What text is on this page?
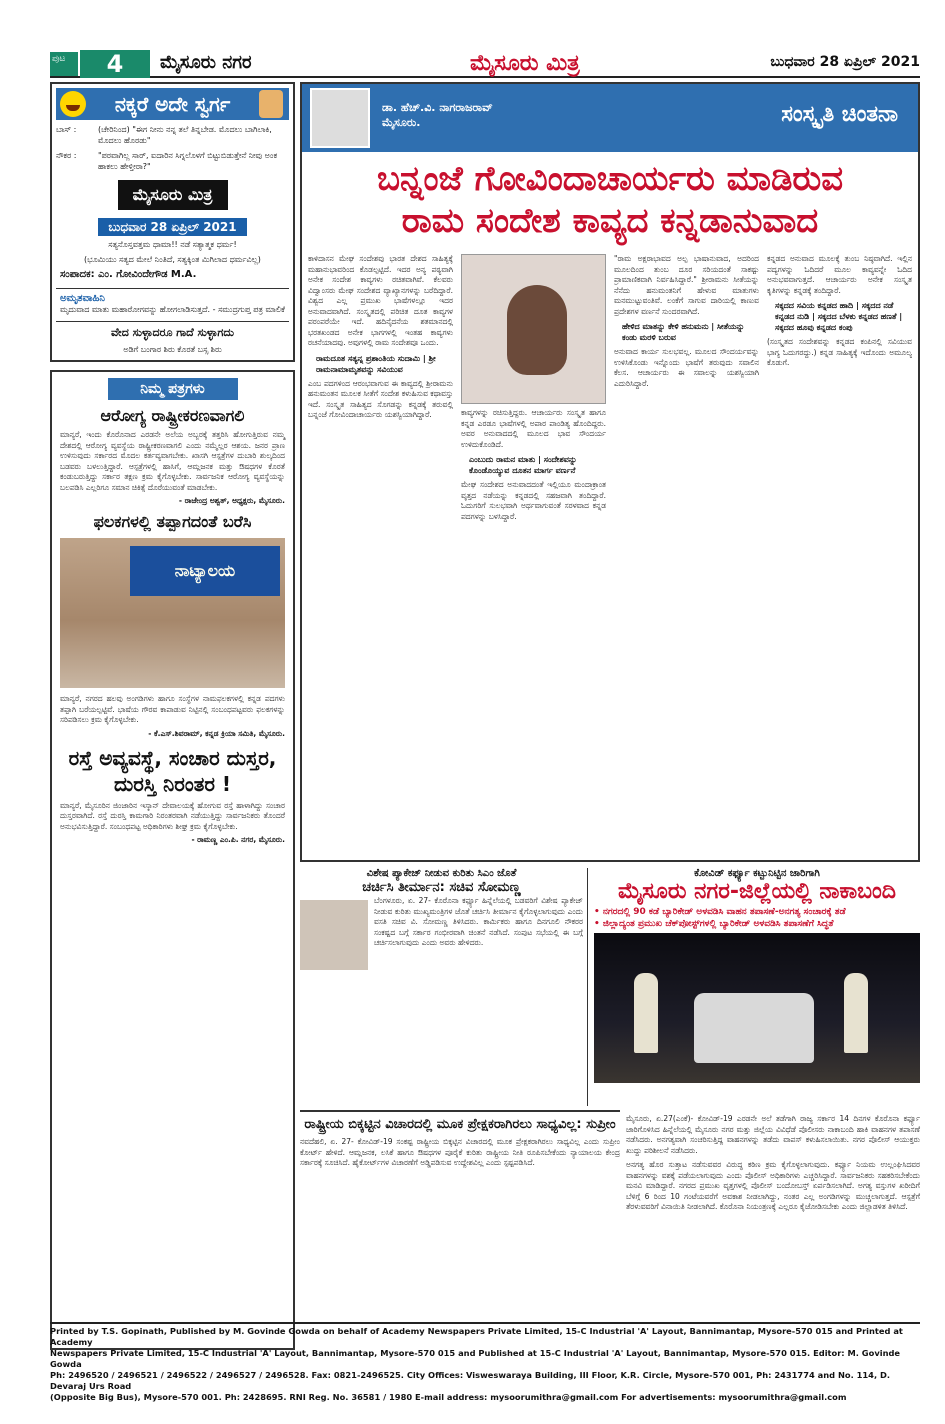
ಪುಟ	4	ಮೈಸೂರು ನಗರ	ಮೈಸೂರು ಮಿತ್ರ	ಬುಧವಾರ 28 ಏಪ್ರಿಲ್ 2021
ನಕ್ಕರೆ ಅದೇ ಸ್ವರ್ಗ
ಬಾಸ್ :	(ಚೇರಿನಿಂದ) "ಈಗ ನೀನು ನನ್ನ ತಲೆ ತಿನ್ನಬೇಡ. ಮೊದಲು ಬಾಗಿಲಾಕಿ, ಮೊದಲು ಹೊರಡು"
ನೌಕರ :	"ಪರವಾಗಿಲ್ಲ ಸಾರ್, ಐದಾರಿನ ಸಿಗ್ನಲೊಳಗೆ ಬಿಟ್ಟುಬಿಡುತ್ತೇನೆ ನೀವು ಅಂಕ ಹಾಕಲು ಹೇಳ್ತೀರಾ?"
ಮೈಸೂರು ಮಿತ್ರ
ಬುಧವಾರ 28 ಏಪ್ರಿಲ್ 2021
ಸತ್ಯನೊಸ್ತವತ್ತಮ ಧಾಮಾ!! ನಡೆ ಸತ್ಯಾತ್ಮಕ ಧರ್ಮ!
(ಭೂಮಿಯು ಸತ್ಯದ ಮೇಲೆ ನಿಂತಿದೆ, ಸತ್ಯಕ್ಕಿಂತ ಮಿಗಿಲಾದ ಧರ್ಮವಿಲ್ಲ)
ಸಂಪಾದಕ: ಎಂ. ಗೋವಿಂದೇಗೌಡ M.A.
ಅಮೃತವಾಹಿನಿ
ಮೃದುವಾದ ಮಾತು ಮಹಾರೋಗವನ್ನು ಹೋಗಲಾಡಿಸುತ್ತದೆ. - ಸಮುದ್ರಗುಪ್ತ ಪತ್ರ ಮಾಲಿಕೆ
ವೇದ ಸುಳ್ಳಾದರೂ ಗಾದೆ ಸುಳ್ಳಾಗದು
ಅಡಿಗೆ ಬಂಗಾರ ಶಿರು ಕೊರತೆ ಬಸ್ಸ ಶಿರು
ನಿಮ್ಮ ಪತ್ರಗಳು
ಆರೋಗ್ಯ ರಾಷ್ಟ್ರೀಕರಣವಾಗಲಿ
ಮಾನ್ಯರೆ, ಇಂದು ಕೊರೊನಾದ ಎರಡನೇ ಅಲೆಯ ಅಬ್ಬರಕ್ಕೆ ತತ್ತರಿಸಿ ಹೋಗುತ್ತಿರುವ ನಮ್ಮ ದೇಶದಲ್ಲಿ ಆರೋಗ್ಯ ವ್ಯವಸ್ಥೆಯ ರಾಷ್ಟ್ರೀಕರಣವಾಗಲಿ ಎಂದು ನಮ್ಮೆಲ್ಲರ ಆಶಯ. ಜನರ ಪ್ರಾಣ ಉಳಿಸುವುದು ಸರ್ಕಾರದ ಮೊದಲ ಕರ್ತವ್ಯವಾಗಬೇಕು. ಖಾಸಗಿ ಆಸ್ಪತ್ರೆಗಳ ದುಬಾರಿ ಶುಲ್ಕದಿಂದ ಬಡವರು ಬಳಲುತ್ತಿದ್ದಾರೆ. ಆಸ್ಪತ್ರೆಗಳಲ್ಲಿ ಹಾಸಿಗೆ, ಆಮ್ಲಜನಕ ಮತ್ತು ಔಷಧಗಳ ಕೊರತೆ ಕಂಡುಬರುತ್ತಿದ್ದು ಸರ್ಕಾರ ತಕ್ಷಣ ಕ್ರಮ ಕೈಗೊಳ್ಳಬೇಕು. ಸಾರ್ವಜನಿಕ ಆರೋಗ್ಯ ವ್ಯವಸ್ಥೆಯನ್ನು ಬಲಪಡಿಸಿ ಎಲ್ಲರಿಗೂ ಸಮಾನ ಚಿಕಿತ್ಸೆ ದೊರೆಯುವಂತೆ ಮಾಡಬೇಕು.
- ರಾಜೇಂದ್ರ ಅಶ್ವತ್, ಅಧ್ಯಕ್ಷರು, ಮೈಸೂರು.
ಫಲಕಗಳಲ್ಲಿ ತಪ್ಪಾಗದಂತೆ ಬರೆಸಿ
ನಾಟ್ಯಾಲಯ
ಮಾನ್ಯರೆ, ನಗರದ ಹಲವು ಅಂಗಡಿಗಳು ಹಾಗೂ ಸಂಸ್ಥೆಗಳ ನಾಮಫಲಕಗಳಲ್ಲಿ ಕನ್ನಡ ಪದಗಳು ತಪ್ಪಾಗಿ ಬರೆಯಲ್ಪಟ್ಟಿವೆ. ಭಾಷೆಯ ಗೌರವ ಕಾಪಾಡುವ ನಿಟ್ಟಿನಲ್ಲಿ ಸಂಬಂಧಪಟ್ಟವರು ಫಲಕಗಳನ್ನು ಸರಿಪಡಿಸಲು ಕ್ರಮ ಕೈಗೊಳ್ಳಬೇಕು.
- ಕೆ.ಎಸ್.ಶಿವರಾಮ್, ಕನ್ನಡ ಕ್ರಿಯಾ ಸಮಿತಿ, ಮೈಸೂರು.
ರಸ್ತೆ ಅವ್ಯವಸ್ಥೆ, ಸಂಚಾರ ದುಸ್ತರ, ದುರಸ್ತಿ ನಿರಂತರ !
ಮಾನ್ಯರೆ, ಮೈಸೂರಿನ ಜಿಂಜಾರಿನ ಇಸ್ಕಾನ್ ದೇವಾಲಯಕ್ಕೆ ಹೋಗುವ ರಸ್ತೆ ಹಾಳಾಗಿದ್ದು ಸಂಚಾರ ದುಸ್ತರವಾಗಿದೆ. ರಸ್ತೆ ದುರಸ್ತಿ ಕಾಮಗಾರಿ ನಿರಂತರವಾಗಿ ನಡೆಯುತ್ತಿದ್ದು ಸಾರ್ವಜನಿಕರು ತೊಂದರೆ ಅನುಭವಿಸುತ್ತಿದ್ದಾರೆ. ಸಂಬಂಧಪಟ್ಟ ಅಧಿಕಾರಿಗಳು ಶೀಘ್ರ ಕ್ರಮ ಕೈಗೊಳ್ಳಬೇಕು.
- ರಾಮಣ್ಣ ಎಂ.ಪಿ. ನಗರ, ಮೈಸೂರು.
ಡಾ. ಹೆಚ್.ವಿ. ನಾಗರಾಜರಾವ್
ಮೈಸೂರು.	ಸಂಸ್ಕೃತಿ ಚಿಂತನಾ
ಬನ್ನಂಜೆ ಗೋವಿಂದಾಚಾರ್ಯರು ಮಾಡಿರುವ
ರಾಮ ಸಂದೇಶ ಕಾವ್ಯದ ಕನ್ನಡಾನುವಾದ
ಕಾಳಿದಾಸನ ಮೇಘ ಸಂದೇಶವು ಭಾರತ ದೇಶದ ಸಾಹಿತ್ಯಕ್ಕೆ ಮಹಾನುಭಾವರಿಂದ ಕೊಡಲ್ಪಟ್ಟಿದೆ. ಇದರ ಅನ್ಯ ಪಠ್ಯವಾಗಿ ಅನೇಕ ಸಂದೇಶ ಕಾವ್ಯಗಳು ರಚಿತವಾಗಿವೆ. ಕೆಲವರು ವಿದ್ವಾಂಸರು ಮೇಘ ಸಂದೇಶದ ವ್ಯಾಖ್ಯಾನಗಳನ್ನು ಬರೆದಿದ್ದಾರೆ. ವಿಶ್ವದ ಎಲ್ಲ ಪ್ರಮುಖ ಭಾಷೆಗಳಲ್ಲೂ ಇದರ ಅನುವಾದವಾಗಿದೆ. ಸಂಸ್ಕೃತದಲ್ಲಿ ಪರಿಚಿತ ದೂತ ಕಾವ್ಯಗಳ ಪರಂಪರೆಯೇ ಇದೆ. ಹದಿನೈದನೆಯ ಶತಮಾನದಲ್ಲಿ ಭರತಖಂಡದ ಅನೇಕ ಭಾಗಗಳಲ್ಲಿ ಇಂತಹ ಕಾವ್ಯಗಳು ರಚನೆಯಾದವು. ಅವುಗಳಲ್ಲಿ ರಾಮ ಸಂದೇಶವೂ ಒಂದು.
ರಾಮದೂತ ಸತ್ಯನ್ನ ಪ್ರಶಾಂತಿಯ ಸುದಾಮಿ | ಶ್ರೀ ರಾಮನಾಮಾಮೃತವನ್ನು ಸವಿಯುವ
ಎಂಬ ಪದಗಳಿಂದ ಆರಂಭವಾಗುವ ಈ ಕಾವ್ಯದಲ್ಲಿ ಶ್ರೀರಾಮನು ಹನುಮಂತನ ಮೂಲಕ ಸೀತೆಗೆ ಸಂದೇಶ ಕಳುಹಿಸುವ ಕಥಾವಸ್ತು ಇದೆ. ಸಂಸ್ಕೃತ ಸಾಹಿತ್ಯದ ಸೊಗಡನ್ನು ಕನ್ನಡಕ್ಕೆ ತರುವಲ್ಲಿ ಬನ್ನಂಜೆ ಗೋವಿಂದಾಚಾರ್ಯರು ಯಶಸ್ವಿಯಾಗಿದ್ದಾರೆ.	ಕಾವ್ಯಗಳನ್ನು ರಚಿಸುತ್ತಿದ್ದರು. ಆಚಾರ್ಯರು ಸಂಸ್ಕೃತ ಹಾಗೂ ಕನ್ನಡ ಎರಡೂ ಭಾಷೆಗಳಲ್ಲಿ ಅಪಾರ ಪಾಂಡಿತ್ಯ ಹೊಂದಿದ್ದರು. ಅವರ ಅನುವಾದದಲ್ಲಿ ಮೂಲದ ಭಾವ ಸೌಂದರ್ಯ ಉಳಿದುಕೊಂಡಿದೆ.
ಎಂಬುದು ರಾಮನ ಮಾತು | ಸಂದೇಶವನ್ನು ಕೊಂಡೊಯ್ಯುವ ದೂತನ ಮಾರ್ಗ ವರ್ಣನೆ
ಮೇಘ ಸಂದೇಶದ ಅನುವಾದದಂತೆ ಇಲ್ಲಿಯೂ ಮಂದಾಕ್ರಾಂತ ವೃತ್ತದ ನಡೆಯನ್ನು ಕನ್ನಡದಲ್ಲಿ ಸಹಜವಾಗಿ ತಂದಿದ್ದಾರೆ. ಓದುಗರಿಗೆ ಸುಲಭವಾಗಿ ಅರ್ಥವಾಗುವಂತೆ ಸರಳವಾದ ಕನ್ನಡ ಪದಗಳನ್ನು ಬಳಸಿದ್ದಾರೆ.
"ರಾಮ ಅಕ್ಷರಾಭಾವದ ಅಲ್ಪ ಭಾಷಾನುವಾದ, ಅದರಿಂದ ಮೂಲದಿಂದ ತುಂಬ ದೂರ ಸರಿಯದಂತೆ ಸಾಕಷ್ಟು ಪ್ರಾಮಾಣಿಕವಾಗಿ ನಿರ್ವಹಿಸಿದ್ದಾರೆ." ಶ್ರೀರಾಮನು ಸೀತೆಯನ್ನು ನೆನೆದು ಹನುಮಂತನಿಗೆ ಹೇಳುವ ಮಾತುಗಳು ಮನಮುಟ್ಟುವಂತಿವೆ. ಲಂಕೆಗೆ ಸಾಗುವ ದಾರಿಯಲ್ಲಿ ಕಾಣುವ ಪ್ರದೇಶಗಳ ವರ್ಣನೆ ಸುಂದರವಾಗಿದೆ.
ಹೇಳಿದ ಮಾತನ್ನು ಕೇಳಿ ಹನುಮನು | ಸೀತೆಯನ್ನು ಕಂಡು ಮರಳಿ ಬರುವ
ಅನುವಾದ ಕಾರ್ಯ ಸುಲಭವಲ್ಲ. ಮೂಲದ ಸೌಂದರ್ಯವನ್ನು ಉಳಿಸಿಕೊಂಡು ಇನ್ನೊಂದು ಭಾಷೆಗೆ ತರುವುದು ಸವಾಲಿನ ಕೆಲಸ. ಆಚಾರ್ಯರು ಈ ಸವಾಲನ್ನು ಯಶಸ್ವಿಯಾಗಿ ಎದುರಿಸಿದ್ದಾರೆ.
ಕನ್ನಡದ ಅನುವಾದ ಮೂಲಕ್ಕೆ ತುಂಬ ನಿಷ್ಠವಾಗಿದೆ. ಇಲ್ಲಿನ ಪದ್ಯಗಳನ್ನು ಓದಿದರೆ ಮೂಲ ಕಾವ್ಯವನ್ನೇ ಓದಿದ ಅನುಭವವಾಗುತ್ತದೆ. ಆಚಾರ್ಯರು ಅನೇಕ ಸಂಸ್ಕೃತ ಕೃತಿಗಳನ್ನು ಕನ್ನಡಕ್ಕೆ ತಂದಿದ್ದಾರೆ.
ಸಕ್ಕದದ ಸವಿಯ ಕನ್ನಡದ ಹಾದಿ | ಸಕ್ಕದದ ನಡೆ ಕನ್ನಡದ ನುಡಿ | ಸಕ್ಕದದ ಬೆಳಕು ಕನ್ನಡದ ಹಣತೆ | ಸಕ್ಕದದ ಹೂವು ಕನ್ನಡದ ಕಂಪು
(ಸಂಸ್ಕೃತದ ಸಂದೇಶವನ್ನು ಕನ್ನಡದ ಕಂಪಿನಲ್ಲಿ ಸವಿಯುವ ಭಾಗ್ಯ ಓದುಗರದ್ದು.) ಕನ್ನಡ ಸಾಹಿತ್ಯಕ್ಕೆ ಇದೊಂದು ಅಮೂಲ್ಯ ಕೊಡುಗೆ.
ವಿಶೇಷ ಪ್ಯಾಕೇಜ್ ನೀಡುವ ಕುರಿತು ಸಿಎಂ ಜೊತೆ
ಚರ್ಚಿಸಿ ತೀರ್ಮಾನ: ಸಚಿವ ಸೋಮಣ್ಣ
ಬೆಂಗಳೂರು, ಏ. 27- ಕೊರೊನಾ ಕರ್ಫ್ಯೂ ಹಿನ್ನೆಲೆಯಲ್ಲಿ ಬಡವರಿಗೆ ವಿಶೇಷ ಪ್ಯಾಕೇಜ್ ನೀಡುವ ಕುರಿತು ಮುಖ್ಯಮಂತ್ರಿಗಳ ಜೊತೆ ಚರ್ಚಿಸಿ ತೀರ್ಮಾನ ಕೈಗೊಳ್ಳಲಾಗುವುದು ಎಂದು ವಸತಿ ಸಚಿವ ವಿ. ಸೋಮಣ್ಣ ತಿಳಿಸಿದರು. ಕಾರ್ಮಿಕರು ಹಾಗೂ ದಿನಗೂಲಿ ನೌಕರರ ಸಂಕಷ್ಟದ ಬಗ್ಗೆ ಸರ್ಕಾರ ಗಂಭೀರವಾಗಿ ಚಿಂತನೆ ನಡೆಸಿದೆ. ಸಂಪುಟ ಸಭೆಯಲ್ಲಿ ಈ ಬಗ್ಗೆ ಚರ್ಚಿಸಲಾಗುವುದು ಎಂದು ಅವರು ಹೇಳಿದರು.
ಕೋವಿಡ್ ಕರ್ಫ್ಯೂ ಕಟ್ಟುನಿಟ್ಟಿನ ಜಾರಿಗಾಗಿ
ಮೈಸೂರು ನಗರ-ಜಿಲ್ಲೆಯಲ್ಲಿ ನಾಕಾಬಂದಿ
• ನಗರದಲ್ಲಿ 90 ಕಡೆ ಬ್ಯಾರಿಕೇಡ್ ಅಳವಡಿಸಿ ವಾಹನ ತಪಾಸಣೆ-ಅನಗತ್ಯ ಸಂಚಾರಕ್ಕೆ ತಡೆ
• ಜಿಲ್ಲಾದ್ಯಂತ ಪ್ರಮುಖ ಚೆಕ್‌ಪೋಸ್ಟ್‌ಗಳಲ್ಲಿ ಬ್ಯಾರಿಕೇಡ್ ಅಳವಡಿಸಿ ತಪಾಸಣೆಗೆ ಸಿದ್ಧತೆ
ರಾಷ್ಟ್ರೀಯ ಬಿಕ್ಕಟ್ಟಿನ ವಿಚಾರದಲ್ಲಿ ಮೂಕ ಪ್ರೇಕ್ಷಕರಾಗಿರಲು ಸಾಧ್ಯವಿಲ್ಲ: ಸುಪ್ರೀಂ
ನವದೆಹಲಿ, ಏ. 27- ಕೋವಿಡ್-19 ಸಂಕಷ್ಟ ರಾಷ್ಟ್ರೀಯ ಬಿಕ್ಕಟ್ಟಿನ ವಿಚಾರದಲ್ಲಿ ಮೂಕ ಪ್ರೇಕ್ಷಕರಾಗಿರಲು ಸಾಧ್ಯವಿಲ್ಲ ಎಂದು ಸುಪ್ರೀಂ ಕೋರ್ಟ್ ಹೇಳಿದೆ. ಆಮ್ಲಜನಕ, ಲಸಿಕೆ ಹಾಗೂ ಔಷಧಗಳ ಪೂರೈಕೆ ಕುರಿತು ರಾಷ್ಟ್ರೀಯ ನೀತಿ ರೂಪಿಸಬೇಕೆಂದು ನ್ಯಾಯಾಲಯ ಕೇಂದ್ರ ಸರ್ಕಾರಕ್ಕೆ ಸೂಚಿಸಿದೆ. ಹೈಕೋರ್ಟ್‌ಗಳ ವಿಚಾರಣೆಗೆ ಅಡ್ಡಿಪಡಿಸುವ ಉದ್ದೇಶವಿಲ್ಲ ಎಂದು ಸ್ಪಷ್ಟಪಡಿಸಿದೆ.
ಮೈಸೂರು, ಏ.27(ಎಂಕೆ)- ಕೋವಿಡ್-19 ಎರಡನೇ ಅಲೆ ತಡೆಗಾಗಿ ರಾಜ್ಯ ಸರ್ಕಾರ 14 ದಿನಗಳ ಕೊರೊನಾ ಕರ್ಫ್ಯೂ ಜಾರಿಗೊಳಿಸಿದ ಹಿನ್ನೆಲೆಯಲ್ಲಿ ಮೈಸೂರು ನಗರ ಮತ್ತು ಜಿಲ್ಲೆಯ ವಿವಿಧೆಡೆ ಪೊಲೀಸರು ನಾಕಾಬಂದಿ ಹಾಕಿ ವಾಹನಗಳ ತಪಾಸಣೆ ನಡೆಸಿದರು. ಅನಗತ್ಯವಾಗಿ ಸಂಚರಿಸುತ್ತಿದ್ದ ವಾಹನಗಳನ್ನು ತಡೆದು ವಾಪಸ್ ಕಳುಹಿಸಲಾಯಿತು. ನಗರ ಪೊಲೀಸ್ ಆಯುಕ್ತರು ಖುದ್ದು ಪರಿಶೀಲನೆ ನಡೆಸಿದರು.
ಅನಗತ್ಯ ಹೊರ ಸುತ್ತಾಟ ನಡೆಸುವವರ ವಿರುದ್ಧ ಕಠಿಣ ಕ್ರಮ ಕೈಗೊಳ್ಳಲಾಗುವುದು. ಕರ್ಫ್ಯೂ ನಿಯಮ ಉಲ್ಲಂಘಿಸಿದವರ ವಾಹನಗಳನ್ನು ವಶಕ್ಕೆ ಪಡೆಯಲಾಗುವುದು ಎಂದು ಪೊಲೀಸ್ ಅಧಿಕಾರಿಗಳು ಎಚ್ಚರಿಸಿದ್ದಾರೆ. ಸಾರ್ವಜನಿಕರು ಸಹಕರಿಸಬೇಕೆಂದು ಮನವಿ ಮಾಡಿದ್ದಾರೆ. ನಗರದ ಪ್ರಮುಖ ವೃತ್ತಗಳಲ್ಲಿ ಪೊಲೀಸ್ ಬಂದೋಬಸ್ತ್ ಏರ್ಪಡಿಸಲಾಗಿದೆ. ಅಗತ್ಯ ವಸ್ತುಗಳ ಖರೀದಿಗೆ ಬೆಳಿಗ್ಗೆ 6 ರಿಂದ 10 ಗಂಟೆಯವರೆಗೆ ಅವಕಾಶ ನೀಡಲಾಗಿದ್ದು, ನಂತರ ಎಲ್ಲ ಅಂಗಡಿಗಳನ್ನು ಮುಚ್ಚಲಾಗುತ್ತದೆ. ಆಸ್ಪತ್ರೆಗೆ ತೆರಳುವವರಿಗೆ ವಿನಾಯಿತಿ ನೀಡಲಾಗಿದೆ. ಕೊರೊನಾ ನಿಯಂತ್ರಣಕ್ಕೆ ಎಲ್ಲರೂ ಕೈಜೋಡಿಸಬೇಕು ಎಂದು ಜಿಲ್ಲಾಡಳಿತ ತಿಳಿಸಿದೆ.
Printed by T.S. Gopinath, Published by M. Govinde Gowda on behalf of Academy Newspapers Private Limited, 15-C Industrial 'A' Layout, Bannimantap, Mysore-570 015 and Printed at Academy
Newspapers Private Limited, 15-C Industrial 'A' Layout, Bannimantap, Mysore-570 015 and Published at 15-C Industrial 'A' Layout, Bannimantap, Mysore-570 015. Editor: M. Govinde Gowda
Ph: 2496520 / 2496521 / 2496522 / 2496527 / 2496528. Fax: 0821-2496525. City Offices: Visweswaraya Building, III Floor, K.R. Circle, Mysore-570 001, Ph: 2431774 and No. 114, D. Devaraj Urs Road
(Opposite Big Bus), Mysore-570 001. Ph: 2428695. RNI Reg. No. 36581 / 1980 E-mail address: mysoorumithra@gmail.com For advertisements: mysoorumithra@gmail.com
